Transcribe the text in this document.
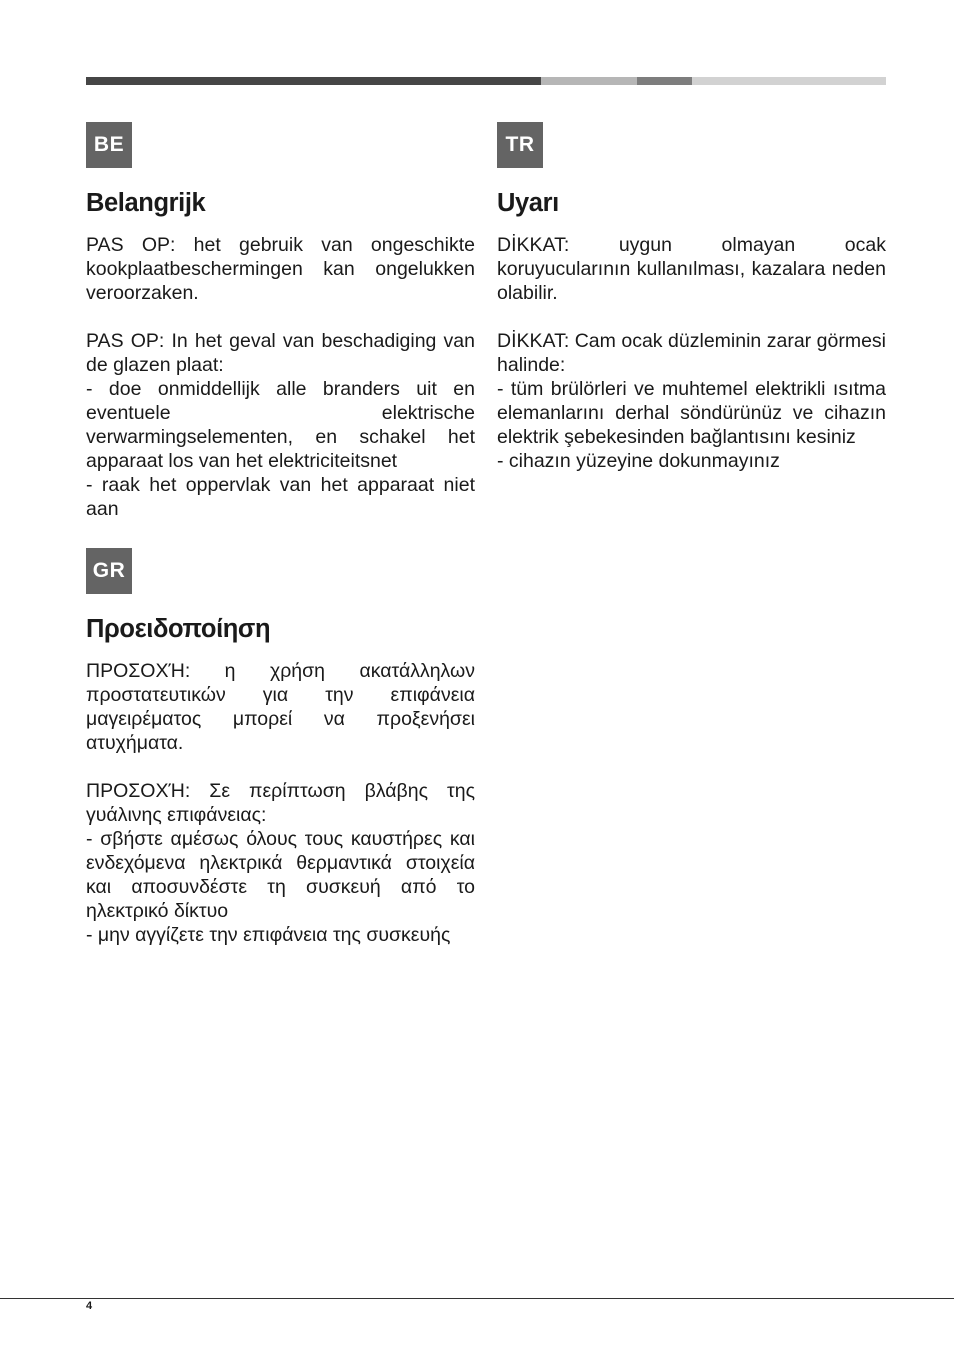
BE
Belangrijk

PAS OP: het gebruik van ongeschikte kookplaatbeschermingen kan ongelukken veroorzaken.

PAS OP: In het geval van beschadiging van de glazen plaat:
- doe onmiddellijk alle branders uit en eventuele elektrische verwarmingselementen, en schakel het apparaat los van het elektriciteitsnet
- raak het oppervlak van het apparaat niet aan

TR
Uyarı

DİKKAT: uygun olmayan ocak koruyucularının kullanılması, kazalara neden olabilir.

DİKKAT: Cam ocak düzleminin zarar görmesi halinde:
- tüm brülörleri ve muhtemel elektrikli ısıtma elemanlarını derhal söndürünüz ve cihazın elektrik şebekesinden bağlantısını kesiniz
- cihazın yüzeyine dokunmayınız

GR
Προειδοποίηση

ΠΡΟΣΟΧΉ: η χρήση ακατάλληλων προστατευτικών για την επιφάνεια μαγειρέματος μπορεί να προξενήσει ατυχήματα.

ΠΡΟΣΟΧΉ: Σε περίπτωση βλάβης της γυάλινης επιφάνειας:
- σβήστε αμέσως όλους τους καυστήρες και ενδεχόμενα ηλεκτρικά θερμαντικά στοιχεία και αποσυνδέστε τη συσκευή από το ηλεκτρικό δίκτυο
- μην αγγίζετε την επιφάνεια της συσκευής

4
